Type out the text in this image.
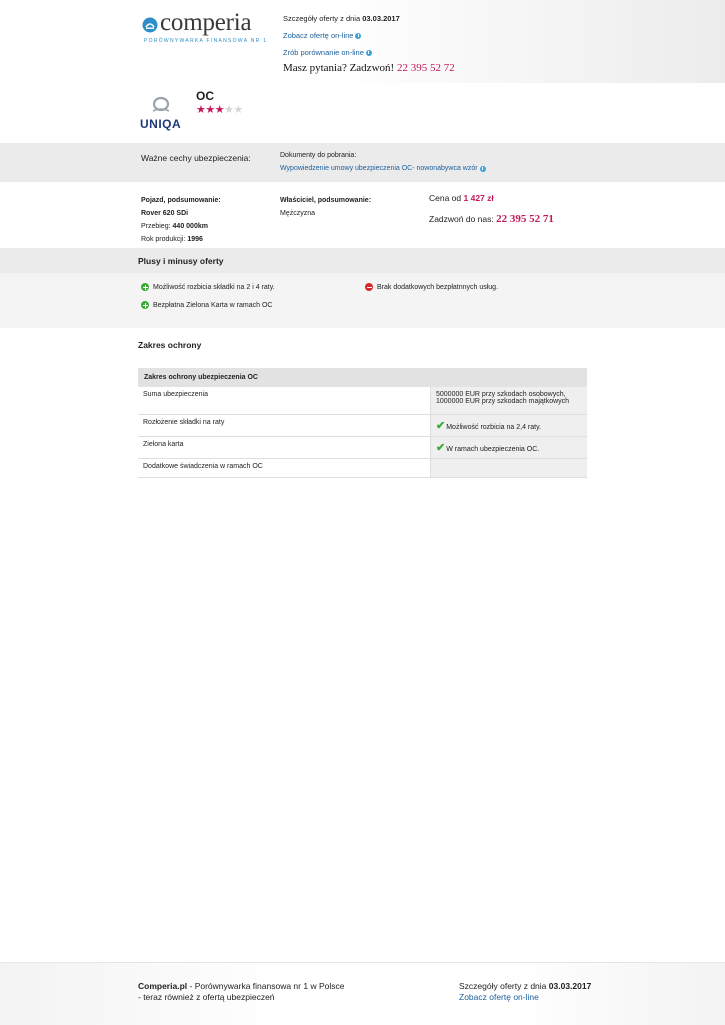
comperia
PORÓWNYWARKA FINANSOWA NR 1
Szczegóły oferty z dnia 03.03.2017
Zobacz ofertę on-line
Zrób porównanie on-line
Masz pytania? Zadzwoń! 22 395 52 72
UNIQA
OC
★★★★★
Ważne cechy ubezpieczenia:	Dokumenty do pobrania:
Wypowiedzenie umowy ubezpieczenia OC- nowonabywca wzór
Pojazd, podsumowanie:
Rover 620 SDi
Przebieg: 440 000km
Rok produkcji: 1996
Właściciel, podsumowanie:
Mężczyzna
Cena od 1 427 zł
Zadzwoń do nas: 22 395 52 71
Plusy i minusy oferty
Możliwość rozbicia składki na 2 i 4 raty.
Bezpłatna Zielona Karta w ramach OC
Brak dodatkowych bezpłatnnych usług.
Zakres ochrony
Zakres ochrony ubezpieczenia OC	
Suma ubezpieczenia	5000000 EUR przy szkodach osobowych,
1000000 EUR przy szkodach majątkowych

Rozłożenie składki na raty	✔Możliwość rozbicia na 2,4 raty.
Zielona karta	✔W ramach ubezpieczenia OC.
Dodatkowe świadczenia w ramach OC	
Comperia.pl - Porównywarka finansowa nr 1 w Polsce
- teraz również z ofertą ubezpieczeń
Szczegóły oferty z dnia 03.03.2017
Zobacz ofertę on-line
